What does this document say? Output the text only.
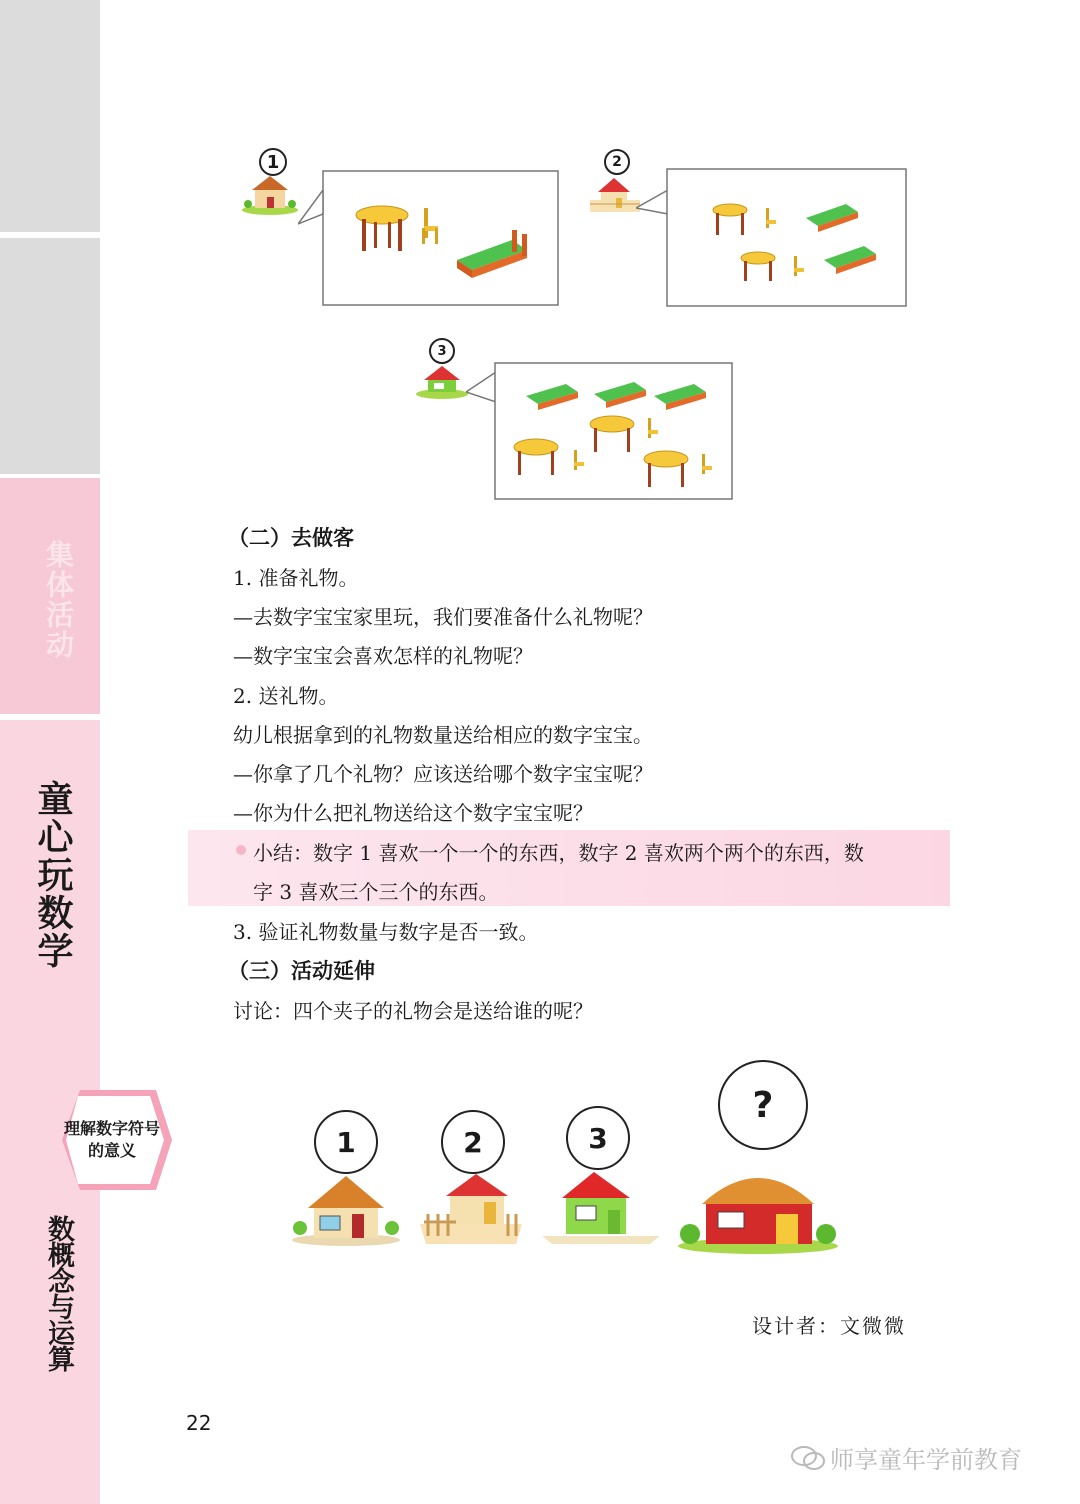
集体活动
童心玩数学
理解数字符号的意义
数概念与运算
1	2
3
（二）去做客
1. 准备礼物。
—去数字宝宝家里玩，我们要准备什么礼物呢？
—数字宝宝会喜欢怎样的礼物呢？
2. 送礼物。
幼儿根据拿到的礼物数量送给相应的数字宝宝。
—你拿了几个礼物？应该送给哪个数字宝宝呢？
—你为什么把礼物送给这个数字宝宝呢？
小结：数字 1 喜欢一个一个的东西，数字 2 喜欢两个两个的东西，数
字 3 喜欢三个三个的东西。
3. 验证礼物数量与数字是否一致。
（三）活动延伸
讨论：四个夹子的礼物会是送给谁的呢？
1	2	3
?
设计者：文微微
22
师享童年学前教育
